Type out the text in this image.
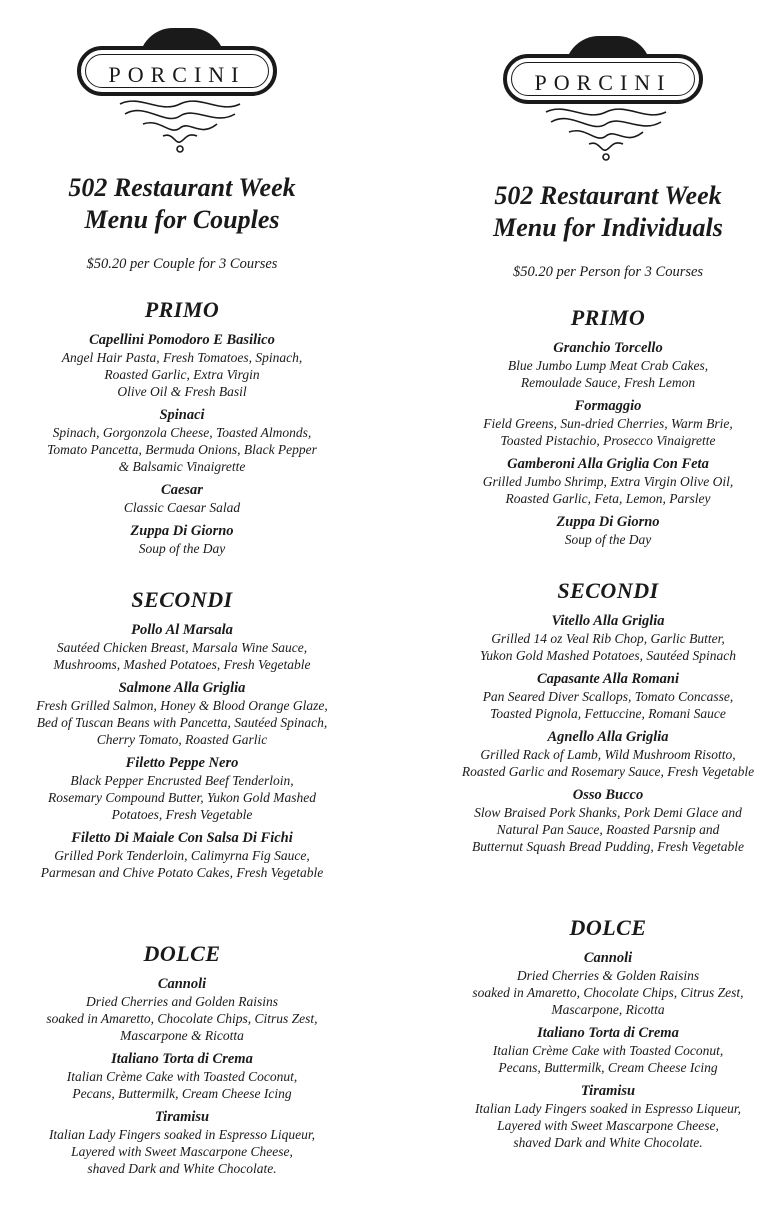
PORCINI
502 Restaurant Week
Menu for Couples
$50.20 per Couple for 3 Courses
PRIMO
Capellini Pomodoro E Basilico
Angel Hair Pasta, Fresh Tomatoes, Spinach,
Roasted Garlic, Extra Virgin
Olive Oil & Fresh Basil
Spinaci
Spinach, Gorgonzola Cheese, Toasted Almonds,
Tomato Pancetta, Bermuda Onions, Black Pepper
& Balsamic Vinaigrette
Caesar
Classic Caesar Salad
Zuppa Di Giorno
Soup of the Day
SECONDI
Pollo Al Marsala
Sautéed Chicken Breast, Marsala Wine Sauce,
Mushrooms, Mashed Potatoes, Fresh Vegetable
Salmone Alla Griglia
Fresh Grilled Salmon, Honey & Blood Orange Glaze,
Bed of Tuscan Beans with Pancetta, Sautéed Spinach,
Cherry Tomato, Roasted Garlic
Filetto Peppe Nero
Black Pepper Encrusted Beef Tenderloin,
Rosemary Compound Butter, Yukon Gold Mashed
Potatoes, Fresh Vegetable
Filetto Di Maiale Con Salsa Di Fichi
Grilled Pork Tenderloin, Calimyrna Fig Sauce,
Parmesan and Chive Potato Cakes, Fresh Vegetable
DOLCE
Cannoli
Dried Cherries and Golden Raisins
soaked in Amaretto, Chocolate Chips, Citrus Zest,
Mascarpone & Ricotta
Italiano Torta di Crema
Italian Crème Cake with Toasted Coconut,
Pecans, Buttermilk, Cream Cheese Icing
Tiramisu
Italian Lady Fingers soaked in Espresso Liqueur,
Layered with Sweet Mascarpone Cheese,
shaved Dark and White Chocolate.
PORCINI
502 Restaurant Week
Menu for Individuals
$50.20 per Person for 3 Courses
PRIMO
Granchio Torcello
Blue Jumbo Lump Meat Crab Cakes,
Remoulade Sauce, Fresh Lemon
Formaggio
Field Greens, Sun-dried Cherries, Warm Brie,
Toasted Pistachio, Prosecco Vinaigrette
Gamberoni Alla Griglia Con Feta
Grilled Jumbo Shrimp, Extra Virgin Olive Oil,
Roasted Garlic, Feta, Lemon, Parsley
Zuppa Di Giorno
Soup of the Day
SECONDI
Vitello Alla Griglia
Grilled 14 oz Veal Rib Chop, Garlic Butter,
Yukon Gold Mashed Potatoes, Sautéed Spinach
Capasante Alla Romani
Pan Seared Diver Scallops, Tomato Concasse,
Toasted Pignola, Fettuccine, Romani Sauce
Agnello Alla Griglia
Grilled Rack of Lamb, Wild Mushroom Risotto,
Roasted Garlic and Rosemary Sauce, Fresh Vegetable
Osso Bucco
Slow Braised Pork Shanks, Pork Demi Glace and
Natural Pan Sauce, Roasted Parsnip and
Butternut Squash Bread Pudding, Fresh Vegetable
DOLCE
Cannoli
Dried Cherries & Golden Raisins
soaked in Amaretto, Chocolate Chips, Citrus Zest,
Mascarpone, Ricotta
Italiano Torta di Crema
Italian Crème Cake with Toasted Coconut,
Pecans, Buttermilk, Cream Cheese Icing
Tiramisu
Italian Lady Fingers soaked in Espresso Liqueur,
Layered with Sweet Mascarpone Cheese,
shaved Dark and White Chocolate.
